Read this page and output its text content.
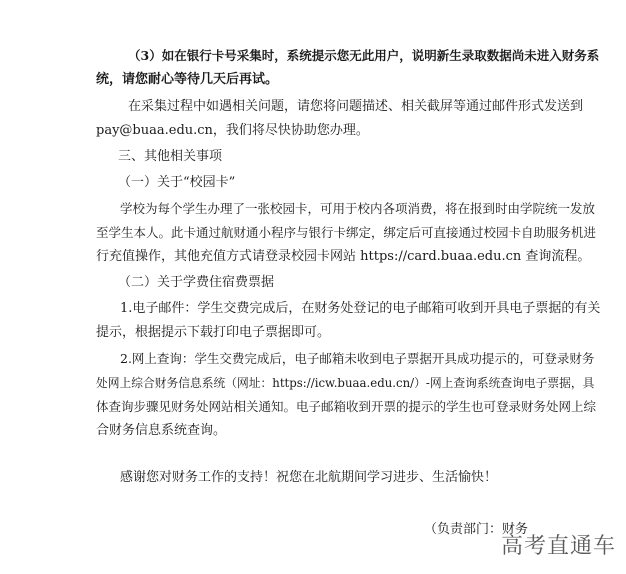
（3）如在银行卡号采集时，系统提示您无此用户，说明新生录取数据尚未进入财务系
统，请您耐心等待几天后再试。
在采集过程中如遇相关问题，请您将问题描述、相关截屏等通过邮件形式发送到
pay@buaa.edu.cn，我们将尽快协助您办理。
三、其他相关事项
（一）关于“校园卡”
学校为每个学生办理了一张校园卡，可用于校内各项消费，将在报到时由学院统一发放
至学生本人。此卡通过航财通小程序与银行卡绑定，绑定后可直接通过校园卡自助服务机进
行充值操作，其他充值方式请登录校园卡网站 https://card.buaa.edu.cn 查询流程。
（二）关于学费住宿费票据
1.电子邮件：学生交费完成后，在财务处登记的电子邮箱可收到开具电子票据的有关
提示，根据提示下载打印电子票据即可。
2.网上查询：学生交费完成后，电子邮箱未收到电子票据开具成功提示的，可登录财务
处网上综合财务信息系统（网址：https://icw.buaa.edu.cn/）-网上查询系统查询电子票据，具
体查询步骤见财务处网站相关通知。电子邮箱收到开票的提示的学生也可登录财务处网上综
合财务信息系统查询。
感谢您对财务工作的支持！祝您在北航期间学习进步、生活愉快！
（负责部门：财务
高考直通车
